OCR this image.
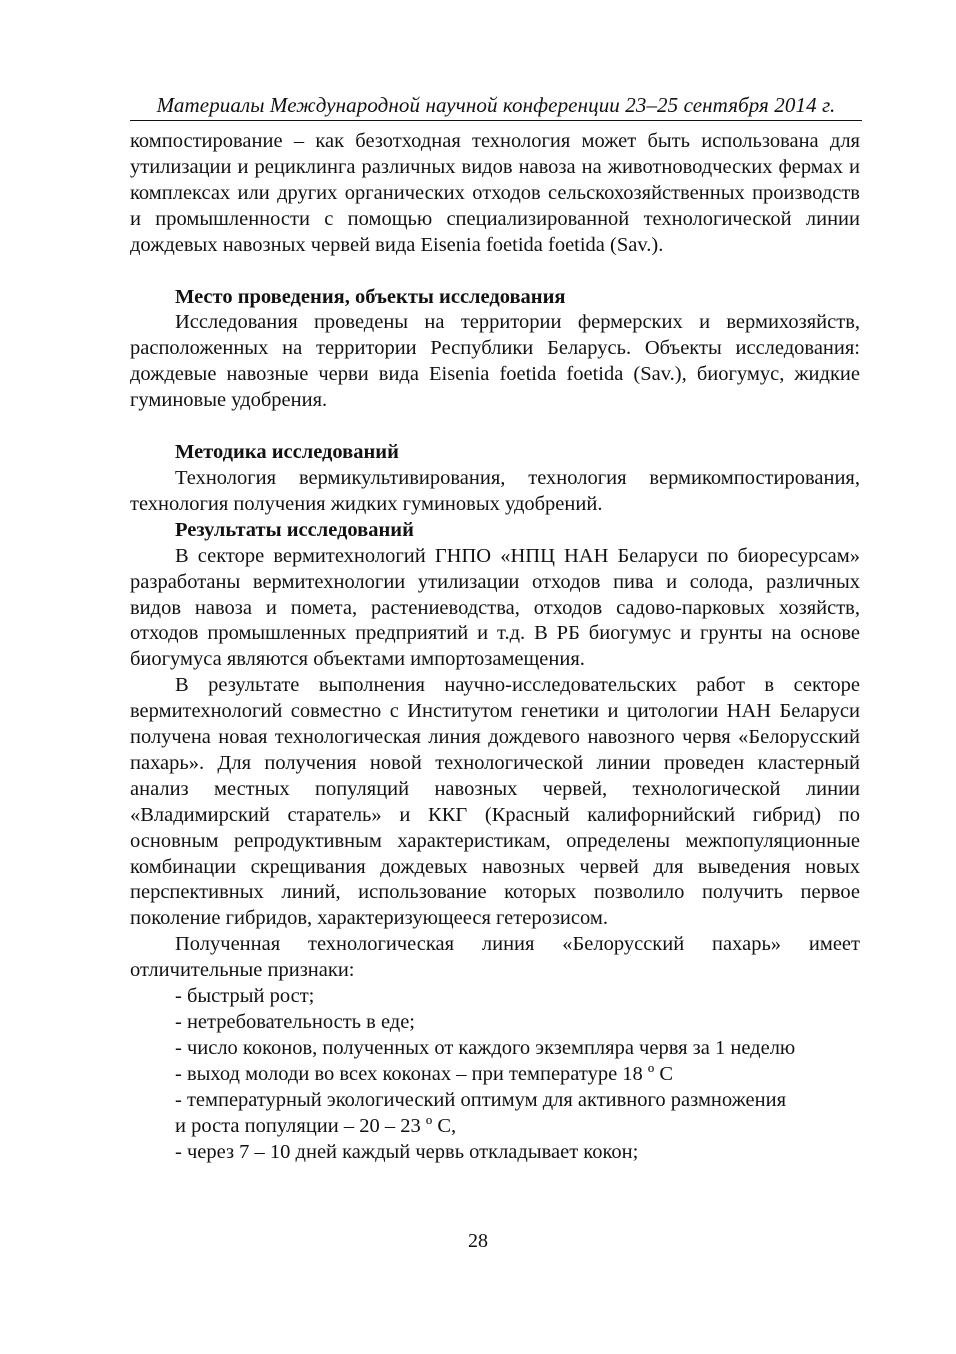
Материалы Международной научной конференции 23–25 сентября 2014 г.

компостирование – как безотходная технология может быть использована для утилизации и рециклинга различных видов навоза на животноводческих фермах и комплексах или других органических отходов сельскохозяйственных производств и промышленности с помощью специализированной технологической линии дождевых навозных червей вида Eisenia foetida foetida (Sav.).

Место проведения, объекты исследования

Исследования проведены на территории фермерских и вермихозяйств, расположенных на территории Республики Беларусь. Объекты исследования: дождевые навозные черви вида Eisenia foetida foetida (Sav.), биогумус, жидкие гуминовые удобрения.

Методика исследований

Технология вермикультивирования, технология вермикомпостирования, технология получения жидких гуминовых удобрений.

Результаты исследований

В секторе вермитехнологий ГНПО «НПЦ НАН Беларуси по биоресурсам» разработаны вермитехнологии утилизации отходов пива и солода, различных видов навоза и помета, растениеводства, отходов садово-парковых хозяйств, отходов промышленных предприятий и т.д. В РБ биогумус и грунты на основе биогумуса являются объектами импортозамещения.

В результате выполнения научно-исследовательских работ в секторе вермитехнологий совместно с Институтом генетики и цитологии НАН Беларуси получена новая технологическая линия дождевого навозного червя «Белорусский пахарь». Для получения новой технологической линии проведен кластерный анализ местных популяций навозных червей, технологической линии «Владимирский старатель» и ККГ (Красный калифорнийский гибрид) по основным репродуктивным характеристикам, определены межпопуляционные комбинации скрещивания дождевых навозных червей для выведения новых перспективных линий, использование которых позволило получить первое поколение гибридов, характеризующееся гетерозисом.

Полученная технологическая линия «Белорусский пахарь» имеет отличительные признаки:

- быстрый рост;

- нетребовательность в еде;

- число коконов, полученных от каждого экземпляра червя за 1 неделю

- выход молоди во всех коконах – при температуре 18 º С

- температурный экологический оптимум для активного размножения

и роста популяции – 20 – 23 º С,

- через 7 – 10 дней каждый червь откладывает кокон;

28
